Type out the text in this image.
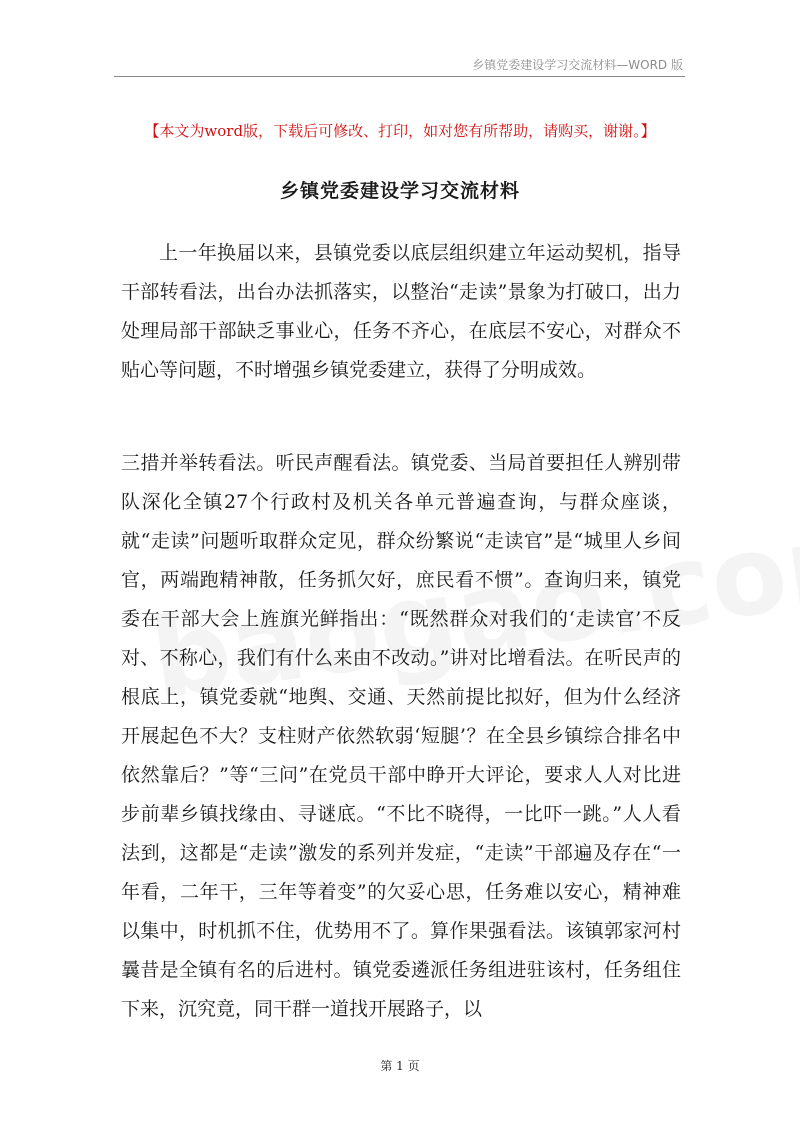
乡镇党委建设学习交流材料—WORD 版
【本文为word版，下载后可修改、打印，如对您有所帮助，请购买，谢谢。】
乡镇党委建设学习交流材料

上一年换届以来，县镇党委以底层组织建立年运动契机，指导干部转看法，出台办法抓落实，以整治“走读”景象为打破口，出力处理局部干部缺乏事业心，任务不齐心，在底层不安心，对群众不贴心等问题，不时增强乡镇党委建立，获得了分明成效。

三措并举转看法。听民声醒看法。镇党委、当局首要担任人辨别带队深化全镇27个行政村及机关各单元普遍查询，与群众座谈，就“走读”问题听取群众定见，群众纷繁说“走读官”是“城里人乡间官，两端跑精神散，任务抓欠好，庶民看不惯”。查询归来，镇党委在干部大会上旌旗光鲜指出：“既然群众对我们的‘走读官’不反对、不称心，我们有什么来由不改动。”讲对比增看法。在听民声的根底上，镇党委就“地舆、交通、天然前提比拟好，但为什么经济开展起色不大？支柱财产依然软弱‘短腿’？在全县乡镇综合排名中依然靠后？”等“三问”在党员干部中睁开大评论，要求人人对比进步前辈乡镇找缘由、寻谜底。“不比不晓得，一比吓一跳。”人人看法到，这都是“走读”激发的系列并发症，“走读”干部遍及存在“一年看，二年干，三年等着变”的欠妥心思，任务难以安心，精神难以集中，时机抓不住，优势用不了。算作果强看法。该镇郭家河村曩昔是全镇有名的后进村。镇党委遴派任务组进驻该村，任务组住下来，沉究竟，同干群一道找开展路子，以

第 1 页
